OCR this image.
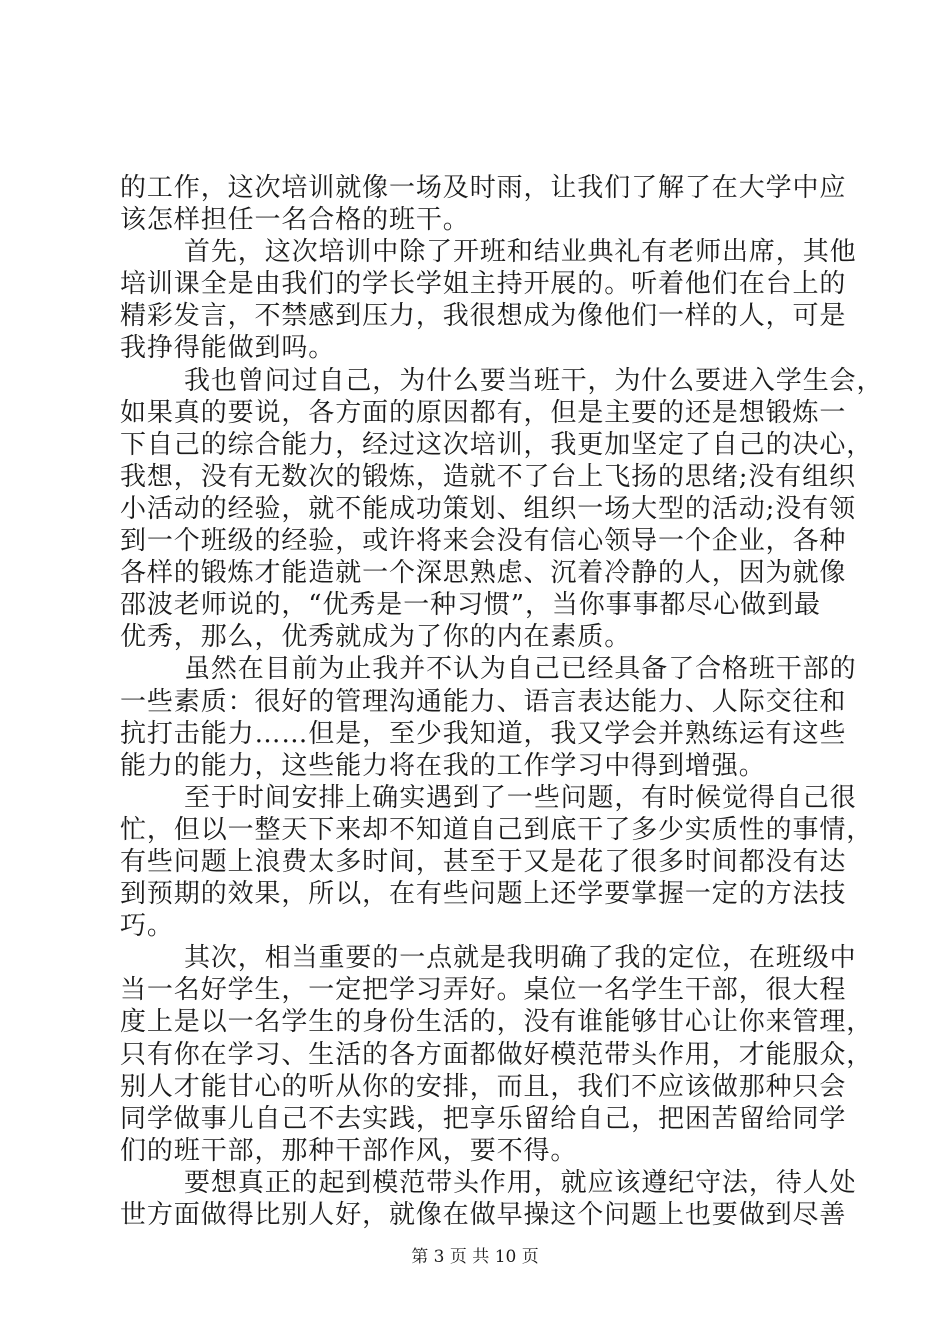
的工作，这次培训就像一场及时雨，让我们了解了在大学中应
该怎样担任一名合格的班干。
首先，这次培训中除了开班和结业典礼有老师出席，其他
培训课全是由我们的学长学姐主持开展的。听着他们在台上的
精彩发言，不禁感到压力，我很想成为像他们一样的人，可是
我挣得能做到吗。
我也曾问过自己，为什么要当班干，为什么要进入学生会，
如果真的要说，各方面的原因都有，但是主要的还是想锻炼一
下自己的综合能力，经过这次培训，我更加坚定了自己的决心，
我想，没有无数次的锻炼，造就不了台上飞扬的思绪;没有组织
小活动的经验，就不能成功策划、组织一场大型的活动;没有领
到一个班级的经验，或许将来会没有信心领导一个企业，各种
各样的锻炼才能造就一个深思熟虑、沉着冷静的人，因为就像
邵波老师说的，“优秀是一种习惯”，当你事事都尽心做到最
优秀，那么，优秀就成为了你的内在素质。
虽然在目前为止我并不认为自己已经具备了合格班干部的
一些素质：很好的管理沟通能力、语言表达能力、人际交往和
抗打击能力……但是，至少我知道，我又学会并熟练运有这些
能力的能力，这些能力将在我的工作学习中得到增强。
至于时间安排上确实遇到了一些问题，有时候觉得自己很
忙，但以一整天下来却不知道自己到底干了多少实质性的事情，
有些问题上浪费太多时间，甚至于又是花了很多时间都没有达
到预期的效果，所以，在有些问题上还学要掌握一定的方法技
巧。
其次，相当重要的一点就是我明确了我的定位，在班级中
当一名好学生，一定把学习弄好。桌位一名学生干部，很大程
度上是以一名学生的身份生活的，没有谁能够甘心让你来管理，
只有你在学习、生活的各方面都做好模范带头作用，才能服众，
别人才能甘心的听从你的安排，而且，我们不应该做那种只会
同学做事儿自己不去实践，把享乐留给自己，把困苦留给同学
们的班干部，那种干部作风，要不得。
要想真正的起到模范带头作用，就应该遵纪守法，待人处
世方面做得比别人好，就像在做早操这个问题上也要做到尽善
第 3 页 共 10 页
